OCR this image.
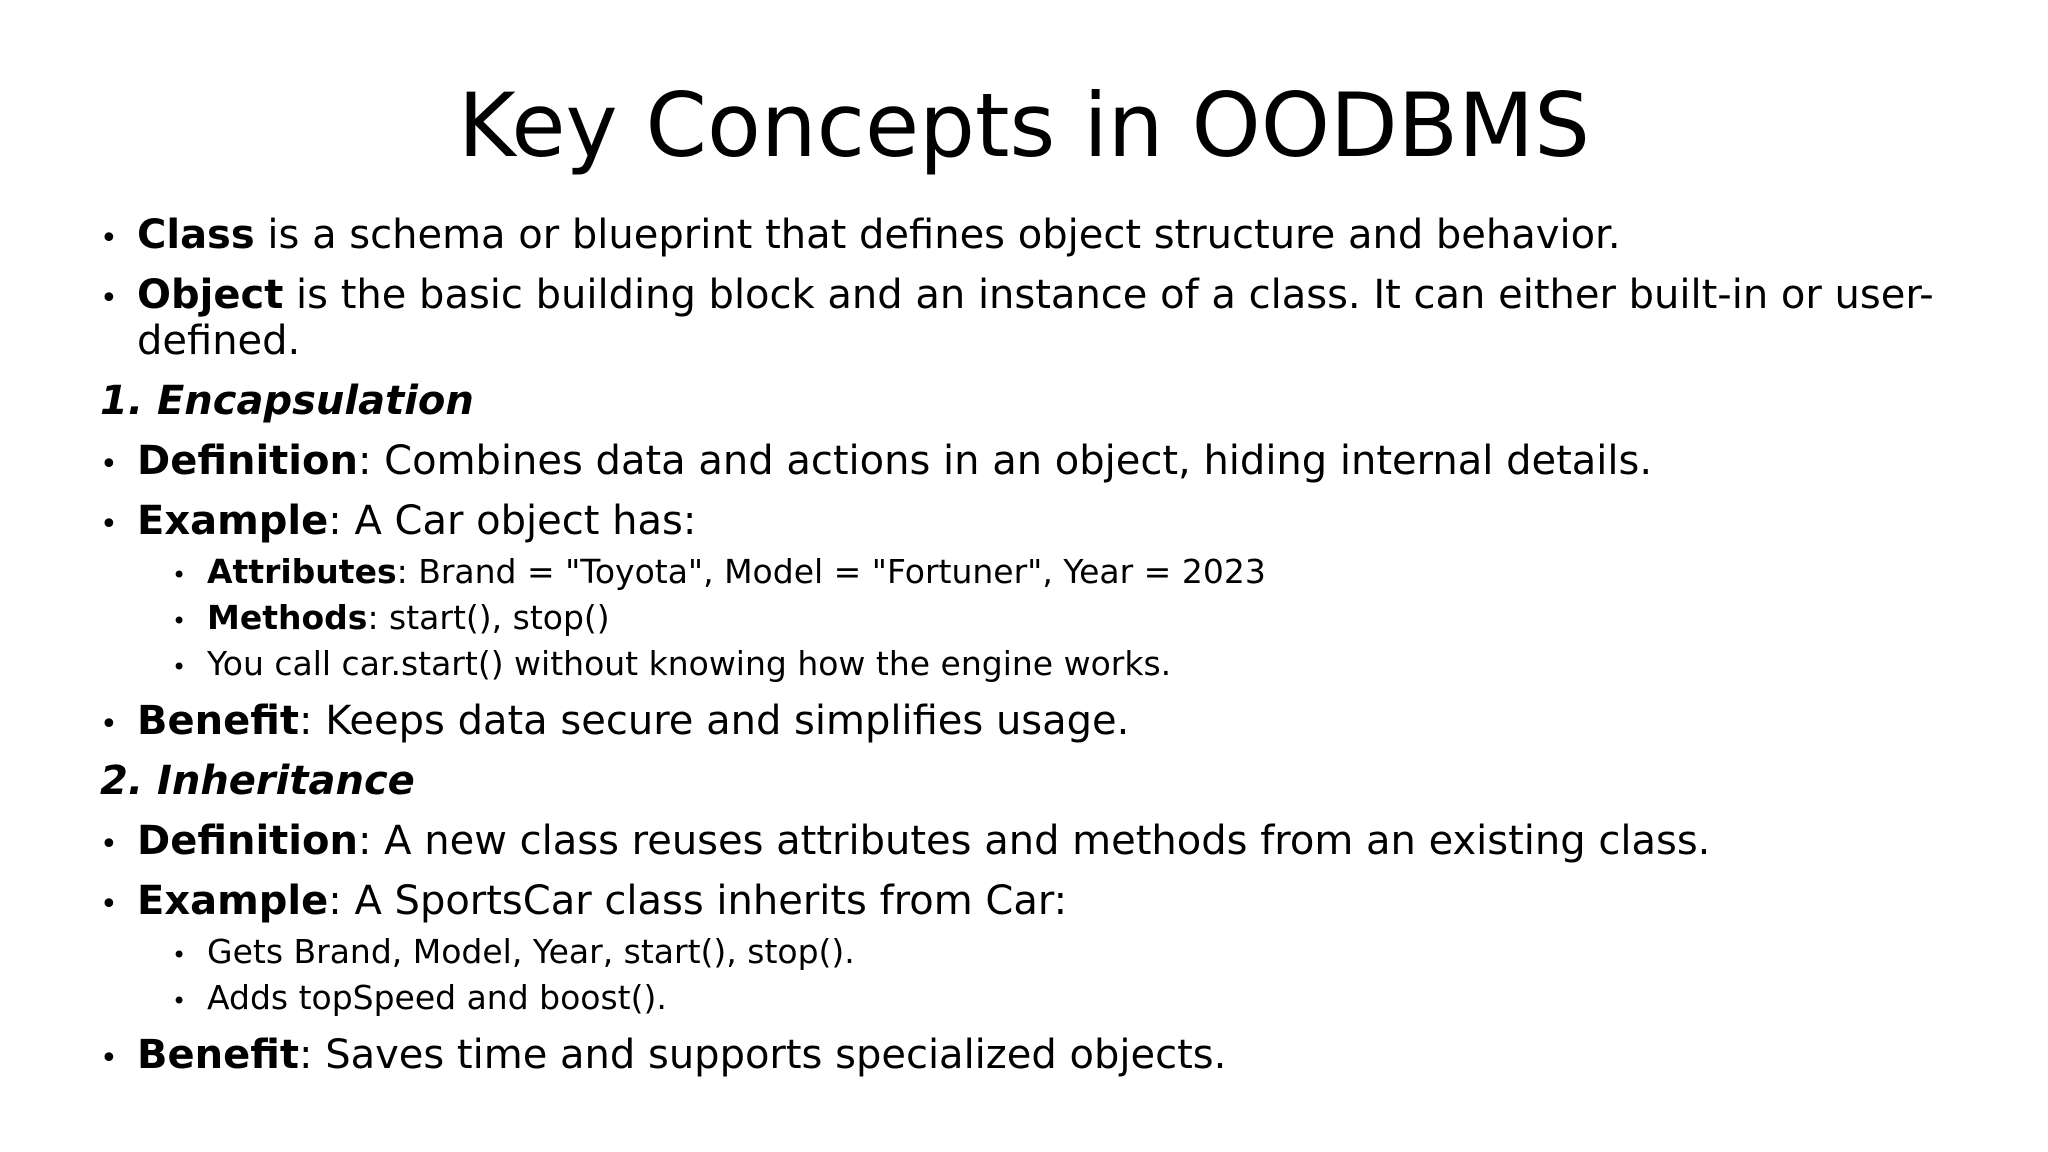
Key Concepts in OODBMS
•
Class is a schema or blueprint that defines object structure and behavior.
•
Object is the basic building block and an instance of a class. It can either built-in or user-defined.
1. Encapsulation
•
Definition: Combines data and actions in an object, hiding internal details.
•
Example: A Car object has:
•
Attributes: Brand = "Toyota", Model = "Fortuner", Year = 2023
•
Methods: start(), stop()
•
You call car.start() without knowing how the engine works.
•
Benefit: Keeps data secure and simplifies usage.
2. Inheritance
•
Definition: A new class reuses attributes and methods from an existing class.
•
Example: A SportsCar class inherits from Car:
•
Gets Brand, Model, Year, start(), stop().
•
Adds topSpeed and boost().
•
Benefit: Saves time and supports specialized objects.
